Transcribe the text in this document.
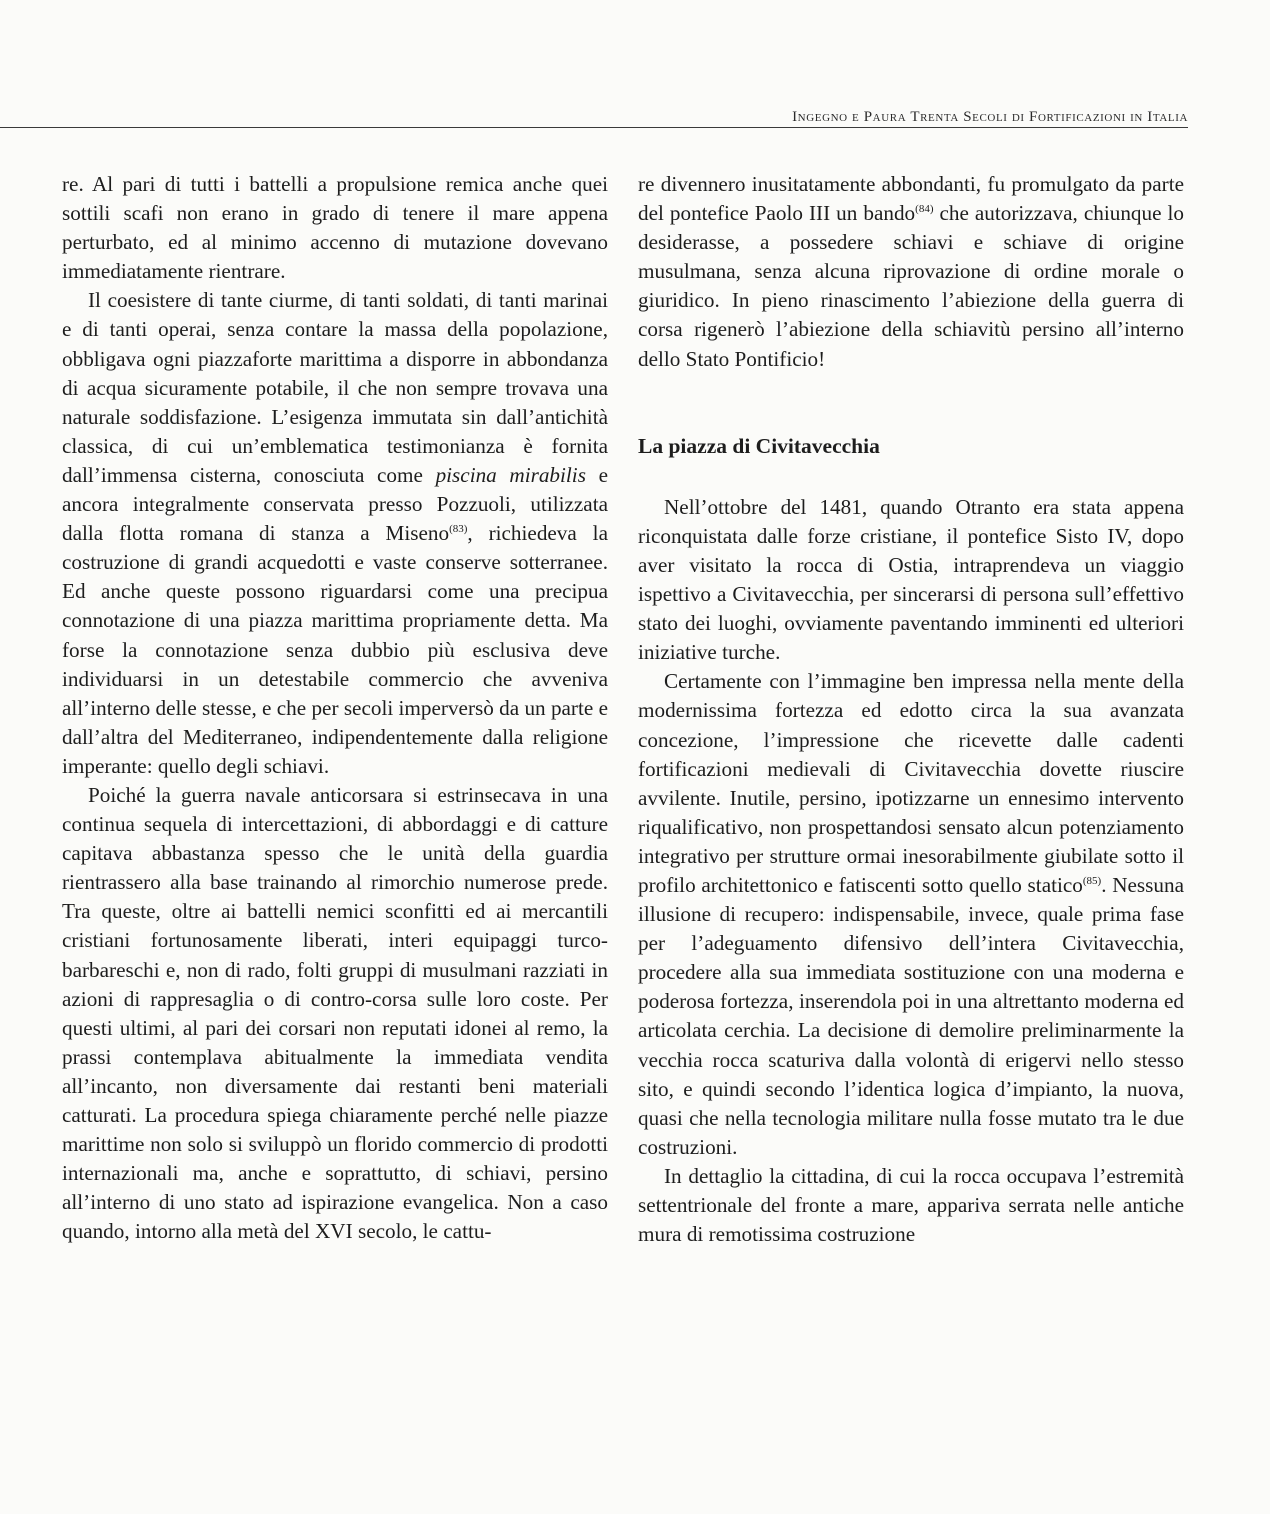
Ingegno e Paura Trenta Secoli di Fortificazioni in Italia

re. Al pari di tutti i battelli a propulsione remica anche quei sottili scafi non erano in grado di tenere il mare appena perturbato, ed al minimo accenno di mutazione dovevano immediatamente rientrare.

Il coesistere di tante ciurme, di tanti soldati, di tanti marinai e di tanti operai, senza contare la massa della popolazione, obbligava ogni piazzaforte marittima a disporre in abbondanza di acqua sicuramente potabile, il che non sempre trovava una naturale soddisfazione. L’esigenza immutata sin dall’antichità classica, di cui un’emblematica testimonianza è fornita dall’immensa cisterna, conosciuta come piscina mirabilis e ancora integralmente conservata presso Pozzuoli, utilizzata dalla flotta romana di stanza a Miseno$^{(83)}$, richiedeva la costruzione di grandi acquedotti e vaste conserve sotterranee. Ed anche queste possono riguardarsi come una precipua connotazione di una piazza marittima propriamente detta. Ma forse la connotazione senza dubbio più esclusiva deve individuarsi in un detestabile commercio che avveniva all’interno delle stesse, e che per secoli imperversò da un parte e dall’altra del Mediterraneo, indipendentemente dalla religione imperante: quello degli schiavi.

Poiché la guerra navale anticorsara si estrinsecava in una continua sequela di intercettazioni, di abbordaggi e di catture capitava abbastanza spesso che le unità della guardia rientrassero alla base trainando al rimorchio numerose prede. Tra queste, oltre ai battelli nemici sconfitti ed ai mercantili cristiani fortunosamente liberati, interi equipaggi turco-barbareschi e, non di rado, folti gruppi di musulmani razziati in azioni di rappresaglia o di contro-corsa sulle loro coste. Per questi ultimi, al pari dei corsari non reputati idonei al remo, la prassi contemplava abitualmente la immediata vendita all’incanto, non diversamente dai restanti beni materiali catturati. La procedura spiega chiaramente perché nelle piazze marittime non solo si sviluppò un florido commercio di prodotti internazionali ma, anche e soprattutto, di schiavi, persino all’interno di uno stato ad ispirazione evangelica. Non a caso quando, intorno alla metà del XVI secolo, le cattu-

re divennero inusitatamente abbondanti, fu promulgato da parte del pontefice Paolo III un bando$^{(84)}$ che autorizzava, chiunque lo desiderasse, a possedere schiavi e schiave di origine musulmana, senza alcuna riprovazione di ordine morale o giuridico. In pieno rinascimento l’abiezione della guerra di corsa rigenerò l’abiezione della schiavitù persino all’interno dello Stato Pontificio!

La piazza di Civitavecchia

Nell’ottobre del 1481, quando Otranto era stata appena riconquistata dalle forze cristiane, il pontefice Sisto IV, dopo aver visitato la rocca di Ostia, intraprendeva un viaggio ispettivo a Civitavecchia, per sincerarsi di persona sull’effettivo stato dei luoghi, ovviamente paventando imminenti ed ulteriori iniziative turche.

Certamente con l’immagine ben impressa nella mente della modernissima fortezza ed edotto circa la sua avanzata concezione, l’impressione che ricevette dalle cadenti fortificazioni medievali di Civitavecchia dovette riuscire avvilente. Inutile, persino, ipotizzarne un ennesimo intervento riqualificativo, non prospettandosi sensato alcun potenziamento integrativo per strutture ormai inesorabilmente giubilate sotto il profilo architettonico e fatiscenti sotto quello statico$^{(85)}$. Nessuna illusione di recupero: indispensabile, invece, quale prima fase per l’adeguamento difensivo dell’intera Civitavecchia, procedere alla sua immediata sostituzione con una moderna e poderosa fortezza, inserendola poi in una altrettanto moderna ed articolata cerchia. La decisione di demolire preliminarmente la vecchia rocca scaturiva dalla volontà di erigervi nello stesso sito, e quindi secondo l’identica logica d’impianto, la nuova, quasi che nella tecnologia militare nulla fosse mutato tra le due costruzioni.

In dettaglio la cittadina, di cui la rocca occupava l’estremità settentrionale del fronte a mare, appariva serrata nelle antiche mura di remotissima costruzione
